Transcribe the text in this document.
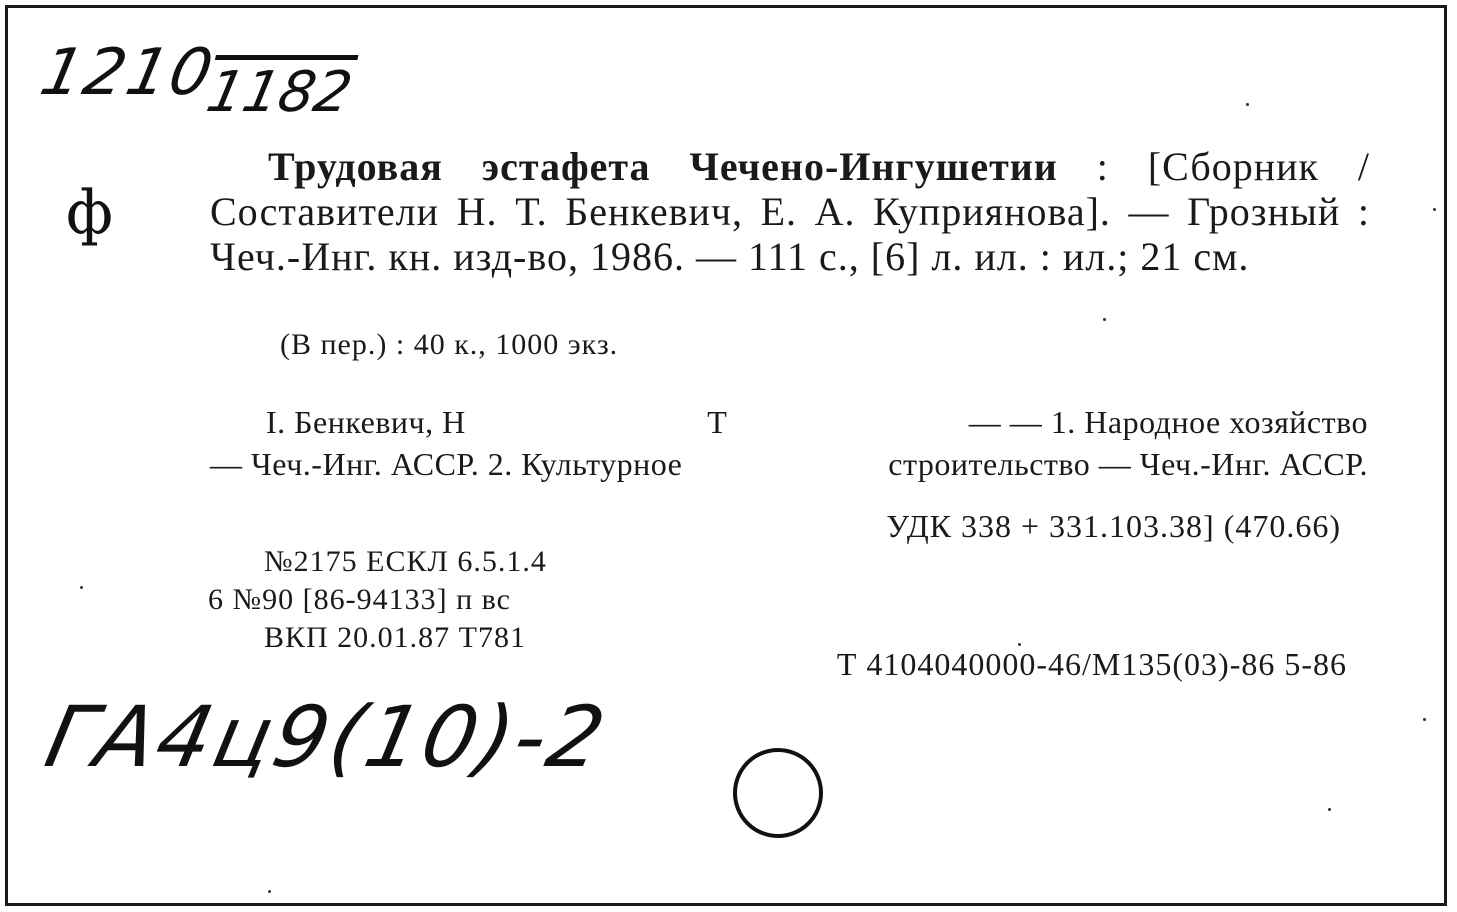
1210
1182
ф
Трудовая эстафета Чечено-Ингушетии : [Сборник / Составители Н. Т. Бенкевич, Е. А. Куприянова]. — Грозный : Чеч.-Инг. кн. изд-во, 1986. — 111 с., [6] л. ил. : ил.; 21 см.
(В пер.) : 40 к., 1000 экз.
I. Бенкевич, Н	Т	— — 1. Народное хозяйство
— Чеч.-Инг. АССР. 2. Культурное	строительство — Чеч.-Инг. АССР.
УДК 338 + 331.103.38] (470.66)
№2175 ЕСКЛ 6.5.1.4
6 №90 [86-94133] п вс
ВКП 20.01.87 Т781
Т 4104040000-46/М135(03)-86 5-86
ГА4ц9(10)-2
